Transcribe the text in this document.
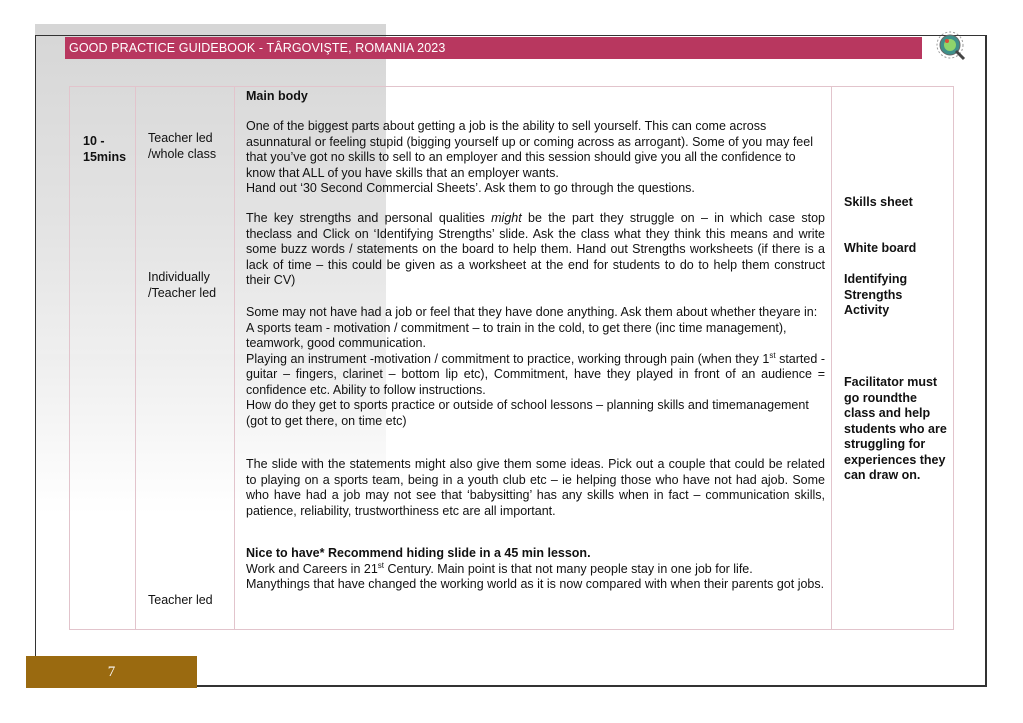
GOOD PRACTICE GUIDEBOOK - TÂRGOVIŞTE, ROMANIA 2023
10 - 15mins
Teacher led /whole class
Individually /Teacher led
Teacher led

Main body

One of the biggest parts about getting a job is the ability to sell yourself. This can come across asunnatural or feeling stupid (bigging yourself up or coming across as arrogant). Some of you may feel that you’ve got no skills to sell to an employer and this session should give you all the confidence to know that ALL of you have skills that an employer wants.

Hand out ‘30 Second Commercial Sheets’. Ask them to go through the questions.

The key strengths and personal qualities might be the part they struggle on – in which case stop theclass and Click on ‘Identifying Strengths’ slide. Ask the class what they think this means and write some buzz words / statements on the board to help them. Hand out Strengths worksheets (if there is a lack of time – this could be given as a worksheet at the end for students to do to help them construct their CV)

Some may not have had a job or feel that they have done anything. Ask them about whether theyare in:

A sports team - motivation / commitment – to train in the cold, to get there (inc time management), teamwork, good communication.

Playing an instrument -motivation / commitment to practice, working through pain (when they 1st started -guitar – fingers, clarinet – bottom lip etc), Commitment, have they played in front of an audience = confidence etc. Ability to follow instructions.

How do they get to sports practice or outside of school lessons – planning skills and timemanagement (got to get there, on time etc)

The slide with the statements might also give them some ideas. Pick out a couple that could be related to playing on a sports team, being in a youth club etc – ie helping those who have not had ajob. Some who have had a job may not see that ‘babysitting’ has any skills when in fact – communication skills, patience, reliability, trustworthiness etc are all important.

Nice to have* Recommend hiding slide in a 45 min lesson.

Work and Careers in 21st Century. Main point is that not many people stay in one job for life.

Manythings that have changed the working world as it is now compared with when their parents got jobs.

Skills sheet
White board
Identifying Strengths Activity
Facilitator must go roundthe class and help students who are struggling for experiences they can draw on.
7
